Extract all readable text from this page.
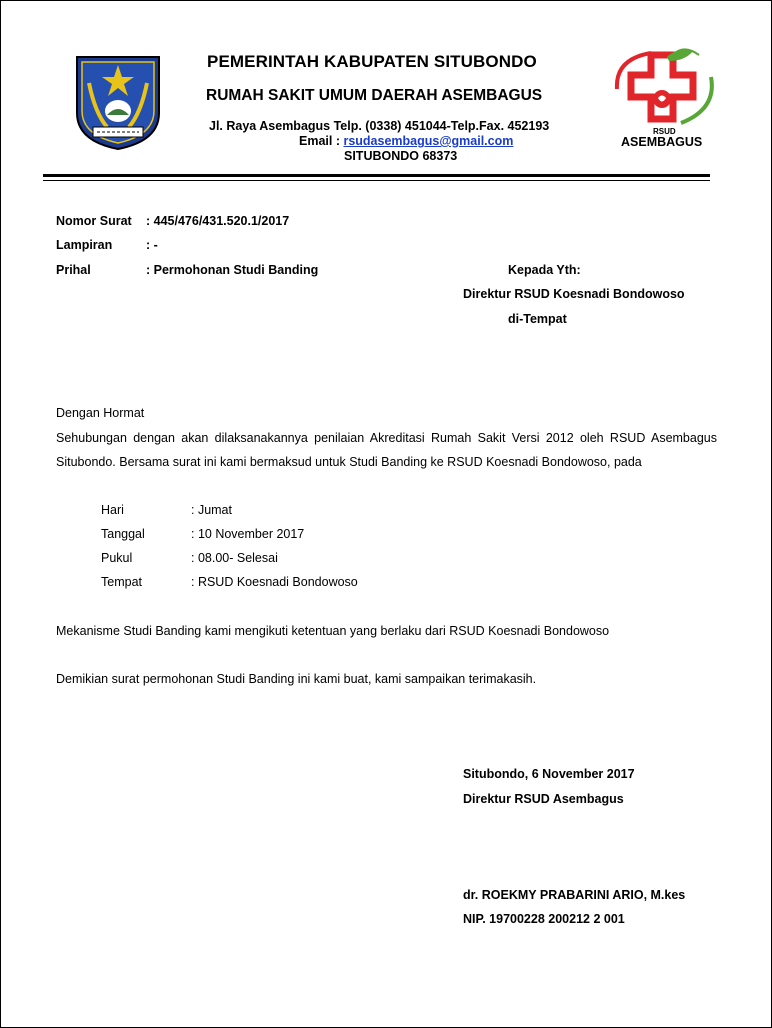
PEMERINTAH KABUPATEN SITUBONDO
RUMAH SAKIT UMUM DAERAH ASEMBAGUS
Jl. Raya Asembagus Telp. (0338) 451044-Telp.Fax. 452193
Email : rsudasembagus@gmail.com
SITUBONDO 68373
RSUD
ASEMBAGUS
Nomor Surat : 445/476/431.520.1/2017
Lampiran	: -
Prihal	: Permohonan Studi Banding	Kepada Yth:
Direktur RSUD Koesnadi Bondowoso
di-Tempat
Dengan Hormat
Sehubungan dengan akan dilaksanakannya penilaian Akreditasi Rumah Sakit Versi 2012 oleh RSUD Asembagus Situbondo. Bersama surat ini kami bermaksud untuk Studi Banding ke RSUD Koesnadi Bondowoso, pada
Hari	: Jumat
Tanggal	: 10 November 2017
Pukul	: 08.00- Selesai
Tempat	: RSUD Koesnadi Bondowoso
Mekanisme Studi Banding kami mengikuti ketentuan yang berlaku dari RSUD Koesnadi Bondowoso
Demikian surat permohonan Studi Banding ini kami buat, kami sampaikan terimakasih.
Situbondo, 6 November 2017
Direktur RSUD Asembagus
dr. ROEKMY PRABARINI ARIO, M.kes
NIP. 19700228 200212 2 001
